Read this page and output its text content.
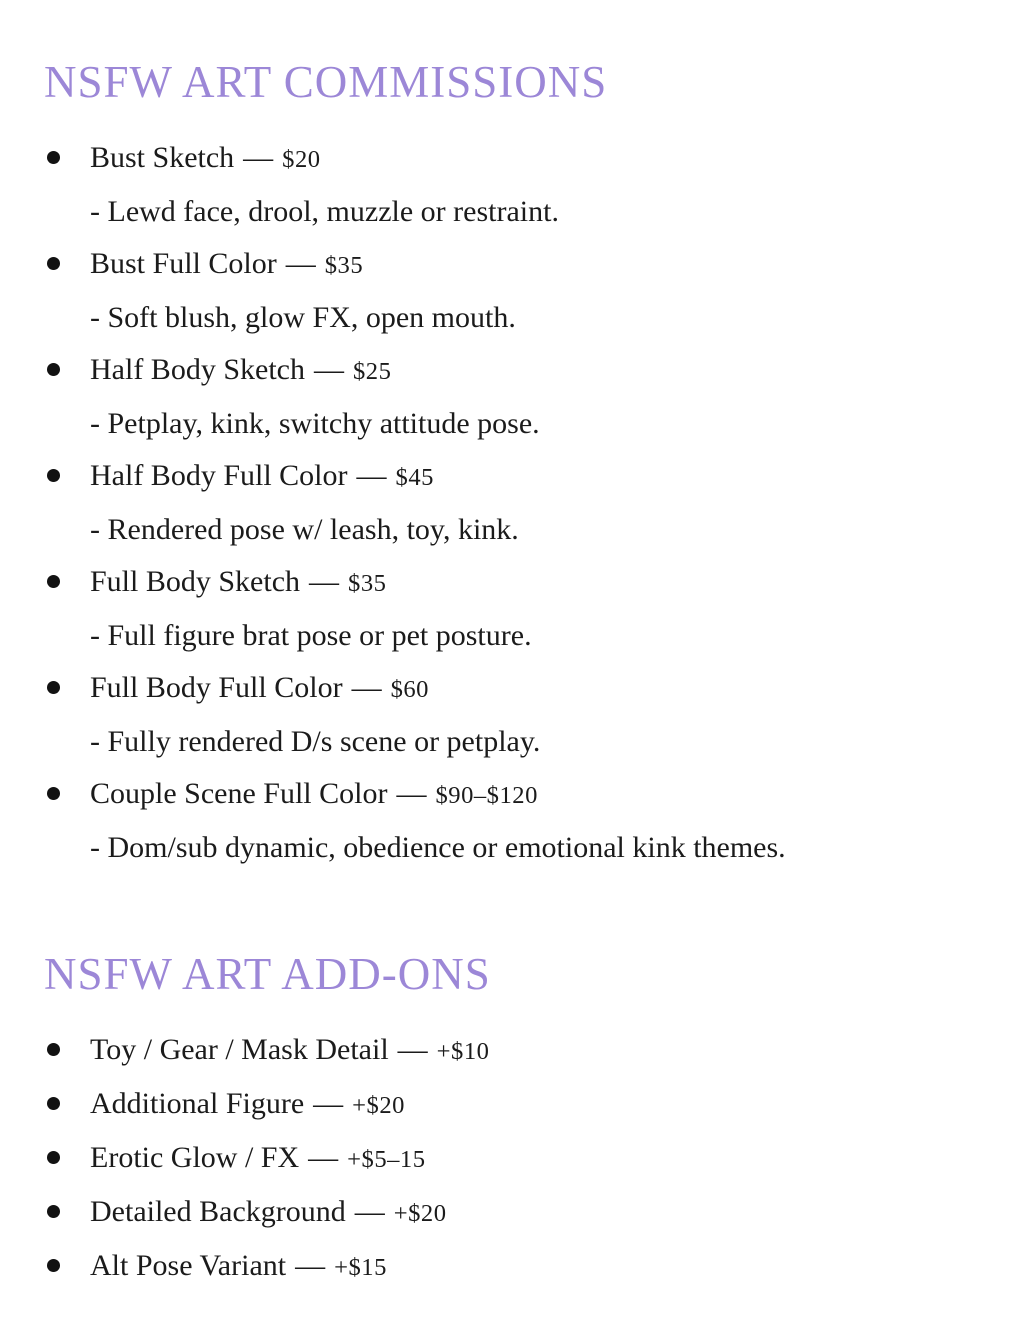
NSFW ART COMMISSIONS
Bust Sketch — $20
- Lewd face, drool, muzzle or restraint.
Bust Full Color — $35
- Soft blush, glow FX, open mouth.
Half Body Sketch — $25
- Petplay, kink, switchy attitude pose.
Half Body Full Color — $45
- Rendered pose w/ leash, toy, kink.
Full Body Sketch — $35
- Full figure brat pose or pet posture.
Full Body Full Color — $60
- Fully rendered D/s scene or petplay.
Couple Scene Full Color — $90–$120
- Dom/sub dynamic, obedience or emotional kink themes.
NSFW ART ADD-ONS
Toy / Gear / Mask Detail — +$10
Additional Figure — +$20
Erotic Glow / FX — +$5–15
Detailed Background — +$20
Alt Pose Variant — +$15
